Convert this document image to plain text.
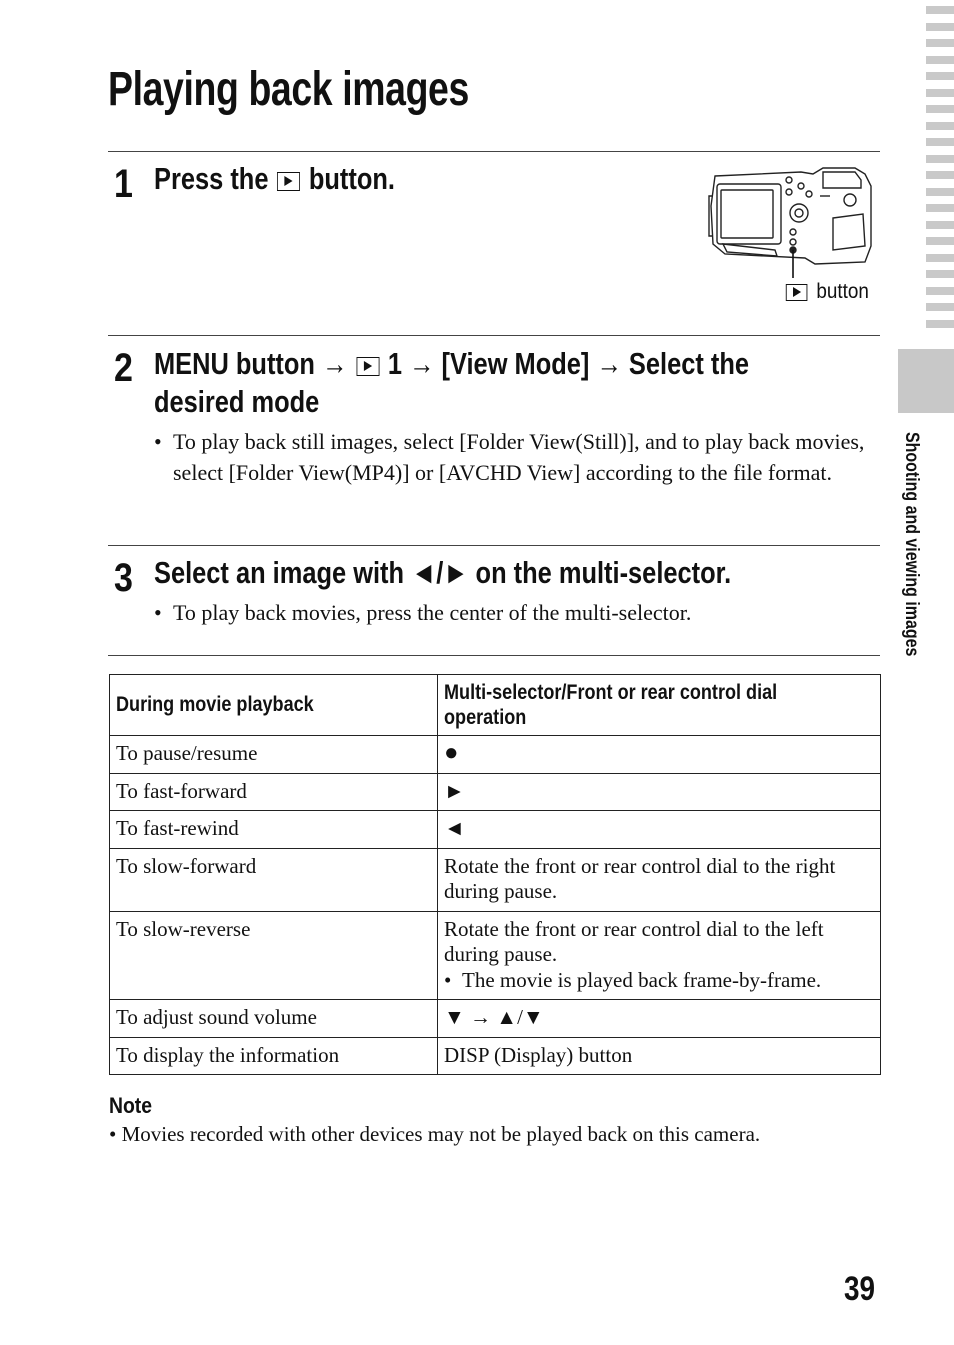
Shooting and viewing images
Playing back images
1 Press the button.
button
2 MENU button → 1 → [View Mode] → Select the
desired mode
• To play back still images, select [Folder View(Still)], and to play back movies, select [Folder View(MP4)] or [AVCHD View] according to the file format.
3 Select an image with ◄/► on the multi-selector.
• To play back movies, press the center of the multi-selector.
During movie playback	Multi-selector/Front or rear control dial operation
To pause/resume	●
To fast-forward	►
To fast-rewind	◄
To slow-forward	Rotate the front or rear control dial to the right during pause.
To slow-reverse	Rotate the front or rear control dial to the left during pause.
• The movie is played back frame-by-frame.

To adjust sound volume	▼ → ▲/▼
To display the information	DISP (Display) button
Note
• Movies recorded with other devices may not be played back on this camera.
39
